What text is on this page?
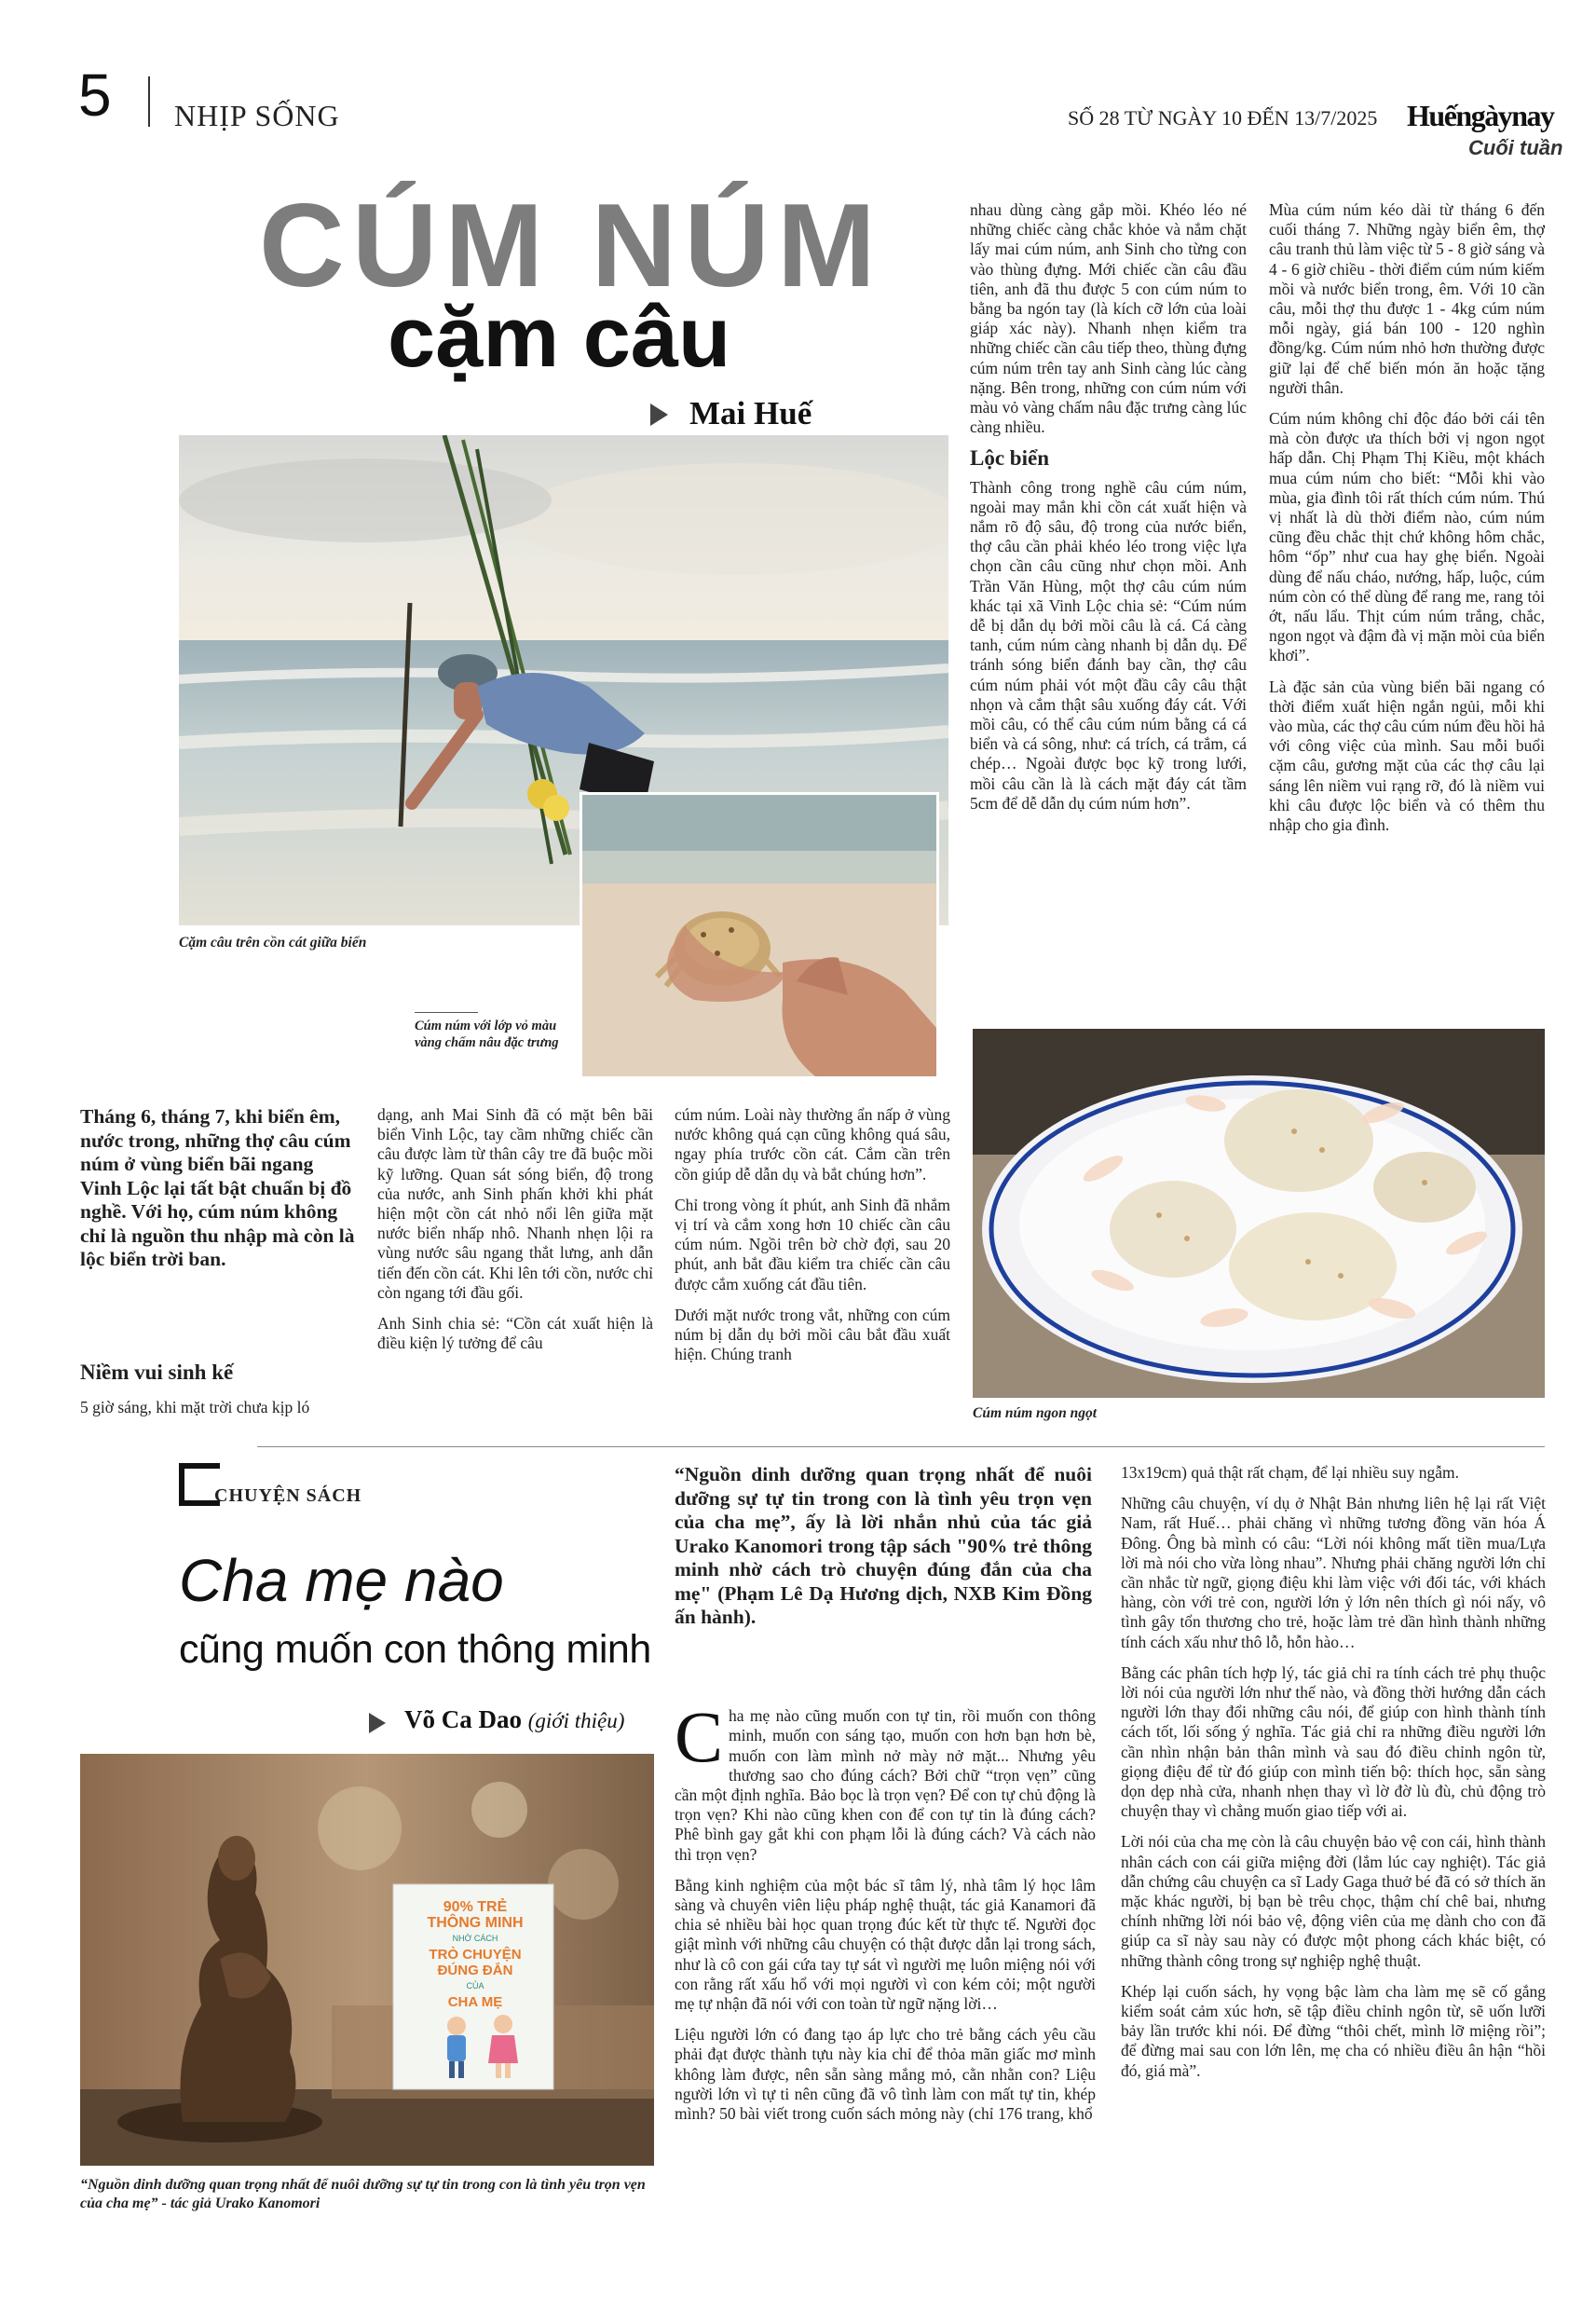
5 NHỊP SỐNG	SỐ 28 TỪ NGÀY 10 ĐẾN 13/7/2025 Huếngàynay
Cuối tuần
CÚM NÚM
cặm câu
Mai Huế
Cặm câu trên cồn cát giữa biển
Cúm núm với lớp vỏ màu vàng chấm nâu đặc trưng
Cúm núm ngon ngọt
Tháng 6, tháng 7, khi biển êm, nước trong, những thợ câu cúm núm ở vùng biển bãi ngang Vinh Lộc lại tất bật chuẩn bị đồ nghề. Với họ, cúm núm không chỉ là nguồn thu nhập mà còn là lộc biển trời ban.
Niềm vui sinh kế

5 giờ sáng, khi mặt trời chưa kịp ló

dạng, anh Mai Sinh đã có mặt bên bãi biển Vinh Lộc, tay cầm những chiếc cần câu được làm từ thân cây tre đã buộc mồi kỹ lưỡng. Quan sát sóng biển, độ trong của nước, anh Sinh phấn khởi khi phát hiện một cồn cát nhỏ nổi lên giữa mặt nước biển nhấp nhô. Nhanh nhẹn lội ra vùng nước sâu ngang thắt lưng, anh dẫn tiến đến cồn cát. Khi lên tới cồn, nước chỉ còn ngang tới đầu gối.

Anh Sinh chia sẻ: “Cồn cát xuất hiện là điều kiện lý tưởng để câu

cúm núm. Loài này thường ẩn nấp ở vùng nước không quá cạn cũng không quá sâu, ngay phía trước cồn cát. Cắm cần trên cồn giúp dễ dẫn dụ và bắt chúng hơn”.

Chỉ trong vòng ít phút, anh Sinh đã nhắm vị trí và cắm xong hơn 10 chiếc cần câu cúm núm. Ngồi trên bờ chờ đợi, sau 20 phút, anh bắt đầu kiểm tra chiếc cần câu được cắm xuống cát đầu tiên.

Dưới mặt nước trong vắt, những con cúm núm bị dẫn dụ bởi mồi câu bắt đầu xuất hiện. Chúng tranh

nhau dùng càng gắp mồi. Khéo léo né những chiếc càng chắc khỏe và nắm chặt lấy mai cúm núm, anh Sinh cho từng con vào thùng đựng. Mới chiếc cần câu đầu tiên, anh đã thu được 5 con cúm núm to bằng ba ngón tay (là kích cỡ lớn của loài giáp xác này). Nhanh nhẹn kiểm tra những chiếc cần câu tiếp theo, thùng đựng cúm núm trên tay anh Sinh càng lúc càng nặng. Bên trong, những con cúm núm với màu vỏ vàng chấm nâu đặc trưng càng lúc càng nhiều.

Lộc biển

Thành công trong nghề câu cúm núm, ngoài may mắn khi cồn cát xuất hiện và nắm rõ độ sâu, độ trong của nước biển, thợ câu cần phải khéo léo trong việc lựa chọn cần câu cũng như chọn mồi. Anh Trần Văn Hùng, một thợ câu cúm núm khác tại xã Vinh Lộc chia sẻ: “Cúm núm dễ bị dẫn dụ bởi mồi câu là cá. Cá càng tanh, cúm núm càng nhanh bị dẫn dụ. Để tránh sóng biển đánh bay cần, thợ câu cúm núm phải vót một đầu cây câu thật nhọn và cắm thật sâu xuống đáy cát. Với mồi câu, có thể câu cúm núm bằng cá cá biển và cá sông, như: cá trích, cá trắm, cá chép… Ngoài được bọc kỹ trong lưới, mồi câu cần là là cách mặt đáy cát tầm 5cm để dễ dẫn dụ cúm núm hơn”.

Mùa cúm núm kéo dài từ tháng 6 đến cuối tháng 7. Những ngày biển êm, thợ câu tranh thủ làm việc từ 5 - 8 giờ sáng và 4 - 6 giờ chiều - thời điểm cúm núm kiếm mồi và nước biển trong, êm. Với 10 cần câu, mỗi thợ thu được 1 - 4kg cúm núm mỗi ngày, giá bán 100 - 120 nghìn đồng/kg. Cúm núm nhỏ hơn thường được giữ lại để chế biến món ăn hoặc tặng người thân.

Cúm núm không chỉ độc đáo bởi cái tên mà còn được ưa thích bởi vị ngon ngọt hấp dẫn. Chị Phạm Thị Kiều, một khách mua cúm núm cho biết: “Mỗi khi vào mùa, gia đình tôi rất thích cúm núm. Thú vị nhất là dù thời điểm nào, cúm núm cũng đều chắc thịt chứ không hôm chắc, hôm “ốp” như cua hay ghẹ biển. Ngoài dùng để nấu cháo, nướng, hấp, luộc, cúm núm còn có thể dùng để rang me, rang tỏi ớt, nấu lẩu. Thịt cúm núm trắng, chắc, ngon ngọt và đậm đà vị mặn mòi của biển khơi”.

Là đặc sản của vùng biển bãi ngang có thời điểm xuất hiện ngắn ngủi, mỗi khi vào mùa, các thợ câu cúm núm đều hồi hả với công việc của mình. Sau mỗi buổi cặm câu, gương mặt của các thợ câu lại sáng lên niềm vui rạng rỡ, đó là niềm vui khi câu được lộc biển và có thêm thu nhập cho gia đình.

CHUYỆN SÁCH
Cha mẹ nào
cũng muốn con thông minh
Võ Ca Dao (giới thiệu)
90% TRẺ
THÔNG MINH
NHỜ CÁCH
TRÒ CHUYỆN
ĐÚNG ĐẮN
CỦA
CHA MẸ
“Nguồn dinh dưỡng quan trọng nhất để nuôi dưỡng sự tự tin trong con là tình yêu trọn vẹn của cha mẹ” - tác giả Urako Kanomori
“Nguồn dinh dưỡng quan trọng nhất để nuôi dưỡng sự tự tin trong con là tình yêu trọn vẹn của cha mẹ”, ấy là lời nhắn nhủ của tác giả Urako Kanomori trong tập sách "90% trẻ thông minh nhờ cách trò chuyện đúng đắn của cha mẹ" (Phạm Lê Dạ Hương dịch, NXB Kim Đồng ấn hành).

Cha mẹ nào cũng muốn con tự tin, rồi muốn con thông minh, muốn con sáng tạo, muốn con hơn bạn hơn bè, muốn con làm mình nở mày nở mặt... Nhưng yêu thương sao cho đúng cách? Bởi chữ “trọn vẹn” cũng cần một định nghĩa. Bảo bọc là trọn vẹn? Để con tự chủ động là trọn vẹn? Khi nào cũng khen con để con tự tin là đúng cách? Phê bình gay gắt khi con phạm lỗi là đúng cách? Và cách nào thì trọn vẹn?

Bằng kinh nghiệm của một bác sĩ tâm lý, nhà tâm lý học lâm sàng và chuyên viên liệu pháp nghệ thuật, tác giả Kanamori đã chia sẻ nhiều bài học quan trọng đúc kết từ thực tế. Người đọc giật mình với những câu chuyện có thật được dẫn lại trong sách, như là cô con gái cứa tay tự sát vì người mẹ luôn miệng nói với con rằng rất xấu hổ với mọi người vì con kém cỏi; một người mẹ tự nhận đã nói với con toàn từ ngữ nặng lời…

Liệu người lớn có đang tạo áp lực cho trẻ bằng cách yêu cầu phải đạt được thành tựu này kia chỉ để thỏa mãn giấc mơ mình không làm được, nên sẵn sàng mắng mỏ, cằn nhằn con? Liệu người lớn vì tự ti nên cũng đã vô tình làm con mất tự tin, khép mình? 50 bài viết trong cuốn sách mỏng này (chỉ 176 trang, khổ

13x19cm) quả thật rất chạm, để lại nhiều suy ngẫm.

Những câu chuyện, ví dụ ở Nhật Bản nhưng liên hệ lại rất Việt Nam, rất Huế… phải chăng vì những tương đồng văn hóa Á Đông. Ông bà mình có câu: “Lời nói không mất tiền mua/Lựa lời mà nói cho vừa lòng nhau”. Nhưng phải chăng người lớn chỉ cần nhắc từ ngữ, giọng điệu khi làm việc với đối tác, với khách hàng, còn với trẻ con, người lớn ỷ lớn nên thích gì nói nấy, vô tình gây tổn thương cho trẻ, hoặc làm trẻ dần hình thành những tính cách xấu như thô lỗ, hỗn hào…

Bằng các phân tích hợp lý, tác giả chỉ ra tính cách trẻ phụ thuộc lời nói của người lớn như thế nào, và đồng thời hướng dẫn cách người lớn thay đổi những câu nói, để giúp con hình thành tính cách tốt, lối sống ý nghĩa. Tác giả chỉ ra những điều người lớn cần nhìn nhận bản thân mình và sau đó điều chỉnh ngôn từ, giọng điệu để từ đó giúp con mình tiến bộ: thích học, sẵn sàng dọn dẹp nhà cửa, nhanh nhẹn thay vì lờ đờ lù đù, chủ động trò chuyện thay vì chẳng muốn giao tiếp với ai.

Lời nói của cha mẹ còn là câu chuyện bảo vệ con cái, hình thành nhân cách con cái giữa miệng đời (lắm lúc cay nghiệt). Tác giả dẫn chứng câu chuyện ca sĩ Lady Gaga thuở bé đã có sở thích ăn mặc khác người, bị bạn bè trêu chọc, thậm chí chê bai, nhưng chính những lời nói bảo vệ, động viên của mẹ dành cho con đã giúp ca sĩ này sau này có được một phong cách khác biệt, có những thành công trong sự nghiệp nghệ thuật.

Khép lại cuốn sách, hy vọng bậc làm cha làm mẹ sẽ cố gắng kiểm soát cảm xúc hơn, sẽ tập điều chỉnh ngôn từ, sẽ uốn lưỡi bảy lần trước khi nói. Để đừng “thôi chết, mình lỡ miệng rồi”; để đừng mai sau con lớn lên, mẹ cha có nhiều điều ân hận “hồi đó, giá mà”.
